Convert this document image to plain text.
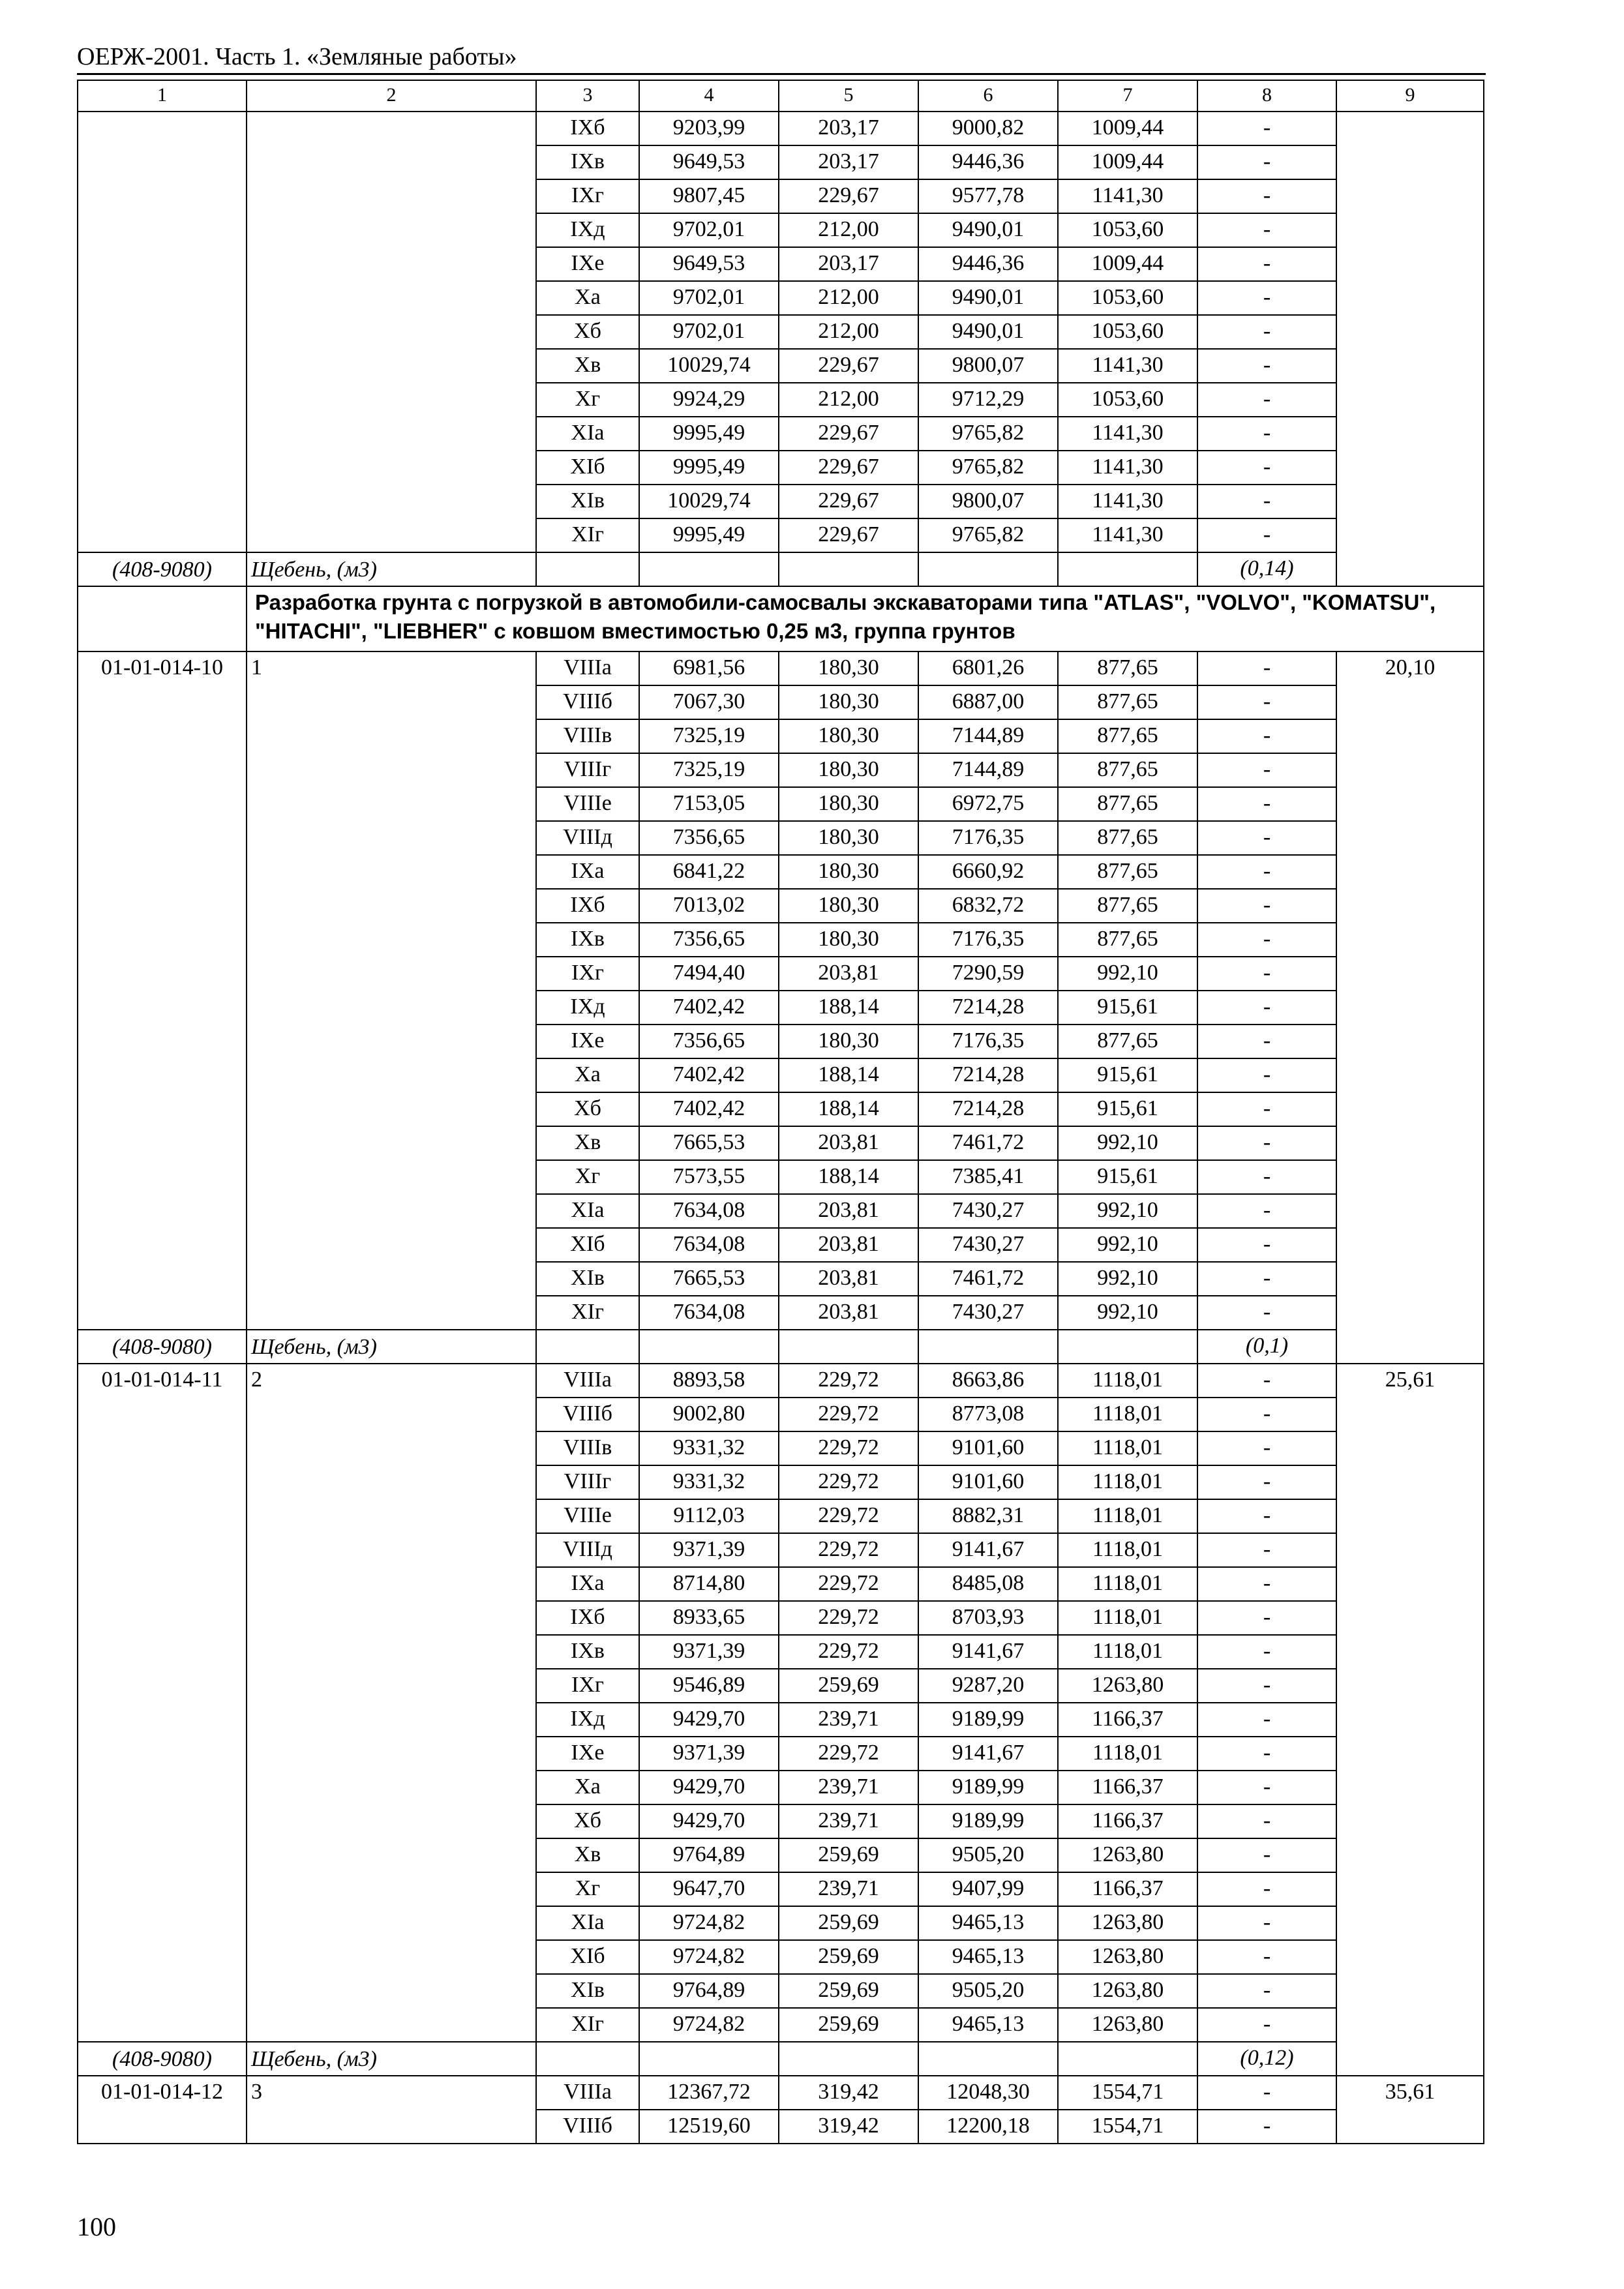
ОЕРЖ-2001. Часть 1. «Земляные работы»
1	2	3	4	5	6	7	8	9
		IXб	9203,99	203,17	9000,82	1009,44	-	
		IXв	9649,53	203,17	9446,36	1009,44	-	
		IXг	9807,45	229,67	9577,78	1141,30	-	
		IXд	9702,01	212,00	9490,01	1053,60	-	
		IXе	9649,53	203,17	9446,36	1009,44	-	
		Xа	9702,01	212,00	9490,01	1053,60	-	
		Xб	9702,01	212,00	9490,01	1053,60	-	
		Xв	10029,74	229,67	9800,07	1141,30	-	
		Xг	9924,29	212,00	9712,29	1053,60	-	
		XIа	9995,49	229,67	9765,82	1141,30	-	
		XIб	9995,49	229,67	9765,82	1141,30	-	
		XIв	10029,74	229,67	9800,07	1141,30	-	
		XIг	9995,49	229,67	9765,82	1141,30	-	
(408-9080)	Щебень, (м3)						(0,14)	
	Разработка грунта с погрузкой в автомобили-самосвалы экскаваторами типа "ATLAS", "VOLVO", "KOMATSU", "HITACHI", "LIEBHER" с ковшом вместимостью 0,25 м3, группа грунтов							
01-01-014-10	1	VIIIа	6981,56	180,30	6801,26	877,65	-	20,10
		VIIIб	7067,30	180,30	6887,00	877,65	-	
		VIIIв	7325,19	180,30	7144,89	877,65	-	
		VIIIг	7325,19	180,30	7144,89	877,65	-	
		VIIIе	7153,05	180,30	6972,75	877,65	-	
		VIIIд	7356,65	180,30	7176,35	877,65	-	
		IXа	6841,22	180,30	6660,92	877,65	-	
		IXб	7013,02	180,30	6832,72	877,65	-	
		IXв	7356,65	180,30	7176,35	877,65	-	
		IXг	7494,40	203,81	7290,59	992,10	-	
		IXд	7402,42	188,14	7214,28	915,61	-	
		IXе	7356,65	180,30	7176,35	877,65	-	
		Xа	7402,42	188,14	7214,28	915,61	-	
		Xб	7402,42	188,14	7214,28	915,61	-	
		Xв	7665,53	203,81	7461,72	992,10	-	
		Xг	7573,55	188,14	7385,41	915,61	-	
		XIа	7634,08	203,81	7430,27	992,10	-	
		XIб	7634,08	203,81	7430,27	992,10	-	
		XIв	7665,53	203,81	7461,72	992,10	-	
		XIг	7634,08	203,81	7430,27	992,10	-	
(408-9080)	Щебень, (м3)						(0,1)	
01-01-014-11	2	VIIIа	8893,58	229,72	8663,86	1118,01	-	25,61
		VIIIб	9002,80	229,72	8773,08	1118,01	-	
		VIIIв	9331,32	229,72	9101,60	1118,01	-	
		VIIIг	9331,32	229,72	9101,60	1118,01	-	
		VIIIе	9112,03	229,72	8882,31	1118,01	-	
		VIIIд	9371,39	229,72	9141,67	1118,01	-	
		IXа	8714,80	229,72	8485,08	1118,01	-	
		IXб	8933,65	229,72	8703,93	1118,01	-	
		IXв	9371,39	229,72	9141,67	1118,01	-	
		IXг	9546,89	259,69	9287,20	1263,80	-	
		IXд	9429,70	239,71	9189,99	1166,37	-	
		IXе	9371,39	229,72	9141,67	1118,01	-	
		Xа	9429,70	239,71	9189,99	1166,37	-	
		Xб	9429,70	239,71	9189,99	1166,37	-	
		Xв	9764,89	259,69	9505,20	1263,80	-	
		Xг	9647,70	239,71	9407,99	1166,37	-	
		XIа	9724,82	259,69	9465,13	1263,80	-	
		XIб	9724,82	259,69	9465,13	1263,80	-	
		XIв	9764,89	259,69	9505,20	1263,80	-	
		XIг	9724,82	259,69	9465,13	1263,80	-	
(408-9080)	Щебень, (м3)						(0,12)	
01-01-014-12	3	VIIIа	12367,72	319,42	12048,30	1554,71	-	35,61
		VIIIб	12519,60	319,42	12200,18	1554,71	-	
100
